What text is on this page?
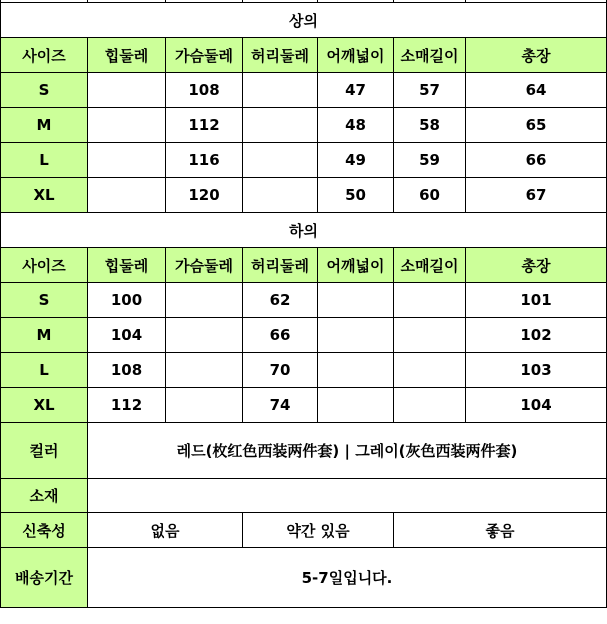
상의						
사이즈	힙둘레	가슴둘레	허리둘레	어깨넓이	소매길이	총장
S		108		47	57	64
M		112		48	58	65
L		116		49	59	66
XL		120		50	60	67
하의						
사이즈	힙둘레	가슴둘레	허리둘레	어깨넓이	소매길이	총장
S	100		62			101
M	104		66			102
L	108		70			103
XL	112		74			104
컬러	레드(枚红色西装两件套) | 그레이(灰色西装两件套)					
소재						
신축성	없음		약간 있음		좋음	
배송기간	5-7일입니다.					
